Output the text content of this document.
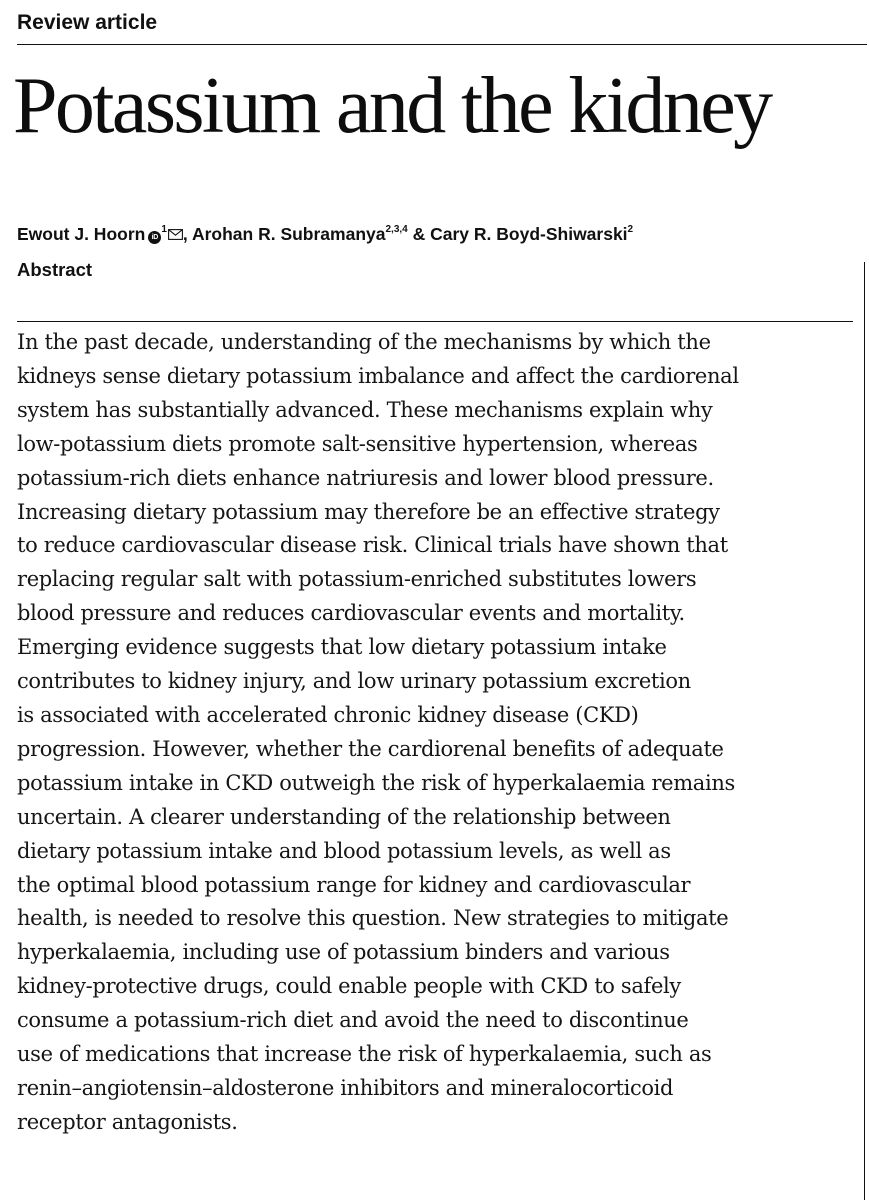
Review article
Potassium and the kidney
Ewout J. Hoorn $iD^1$ , Arohan R. Subramanya$^{2,3,4}$ & Cary R. Boyd-Shiwarski$^2$
Abstract

In the past decade, understanding of the mechanisms by which the
kidneys sense dietary potassium imbalance and affect the cardiorenal
system has substantially advanced. These mechanisms explain why
low-potassium diets promote salt-sensitive hypertension, whereas
potassium-rich diets enhance natriuresis and lower blood pressure.
Increasing dietary potassium may therefore be an effective strategy
to reduce cardiovascular disease risk. Clinical trials have shown that
replacing regular salt with potassium-enriched substitutes lowers
blood pressure and reduces cardiovascular events and mortality.
Emerging evidence suggests that low dietary potassium intake
contributes to kidney injury, and low urinary potassium excretion
is associated with accelerated chronic kidney disease (CKD)
progression. However, whether the cardiorenal benefits of adequate
potassium intake in CKD outweigh the risk of hyperkalaemia remains
uncertain. A clearer understanding of the relationship between
dietary potassium intake and blood potassium levels, as well as
the optimal blood potassium range for kidney and cardiovascular
health, is needed to resolve this question. New strategies to mitigate
hyperkalaemia, including use of potassium binders and various
kidney-protective drugs, could enable people with CKD to safely
consume a potassium-rich diet and avoid the need to discontinue
use of medications that increase the risk of hyperkalaemia, such as
renin–angiotensin–aldosterone inhibitors and mineralocorticoid
receptor antagonists.
